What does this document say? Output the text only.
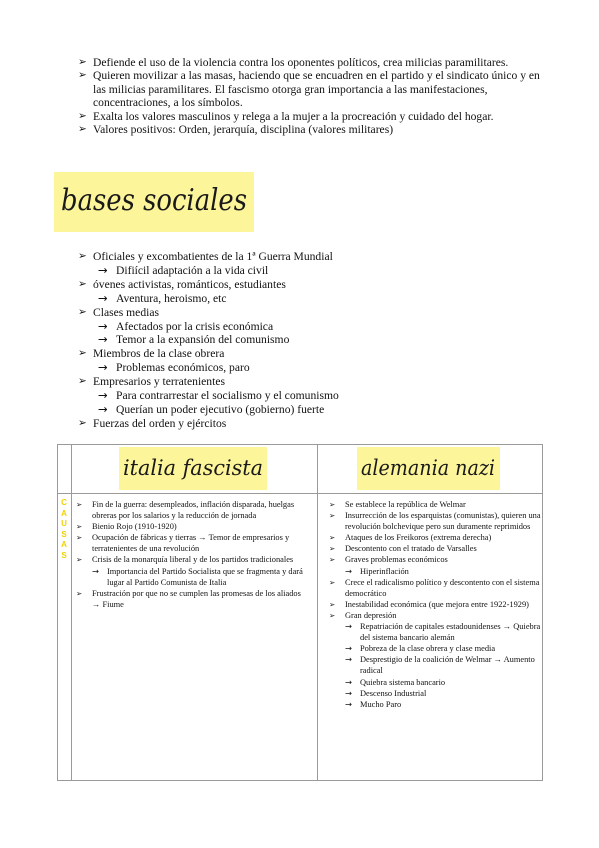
➢ Defiende el uso de la violencia contra los oponentes políticos, crea milicias paramilitares.
➢ Quieren movilizar a las masas, haciendo que se encuadren en el partido y el sindicato único y en las milicias paramilitares. El fascismo otorga gran importancia a las manifestaciones, concentraciones, a los símbolos.
➢ Exalta los valores masculinos y relega a la mujer a la procreación y cuidado del hogar.
➢ Valores positivos: Orden, jerarquía, disciplina (valores militares)
bases sociales
➢ Oficiales y excombatientes de la 1ª Guerra Mundial
→ Difiícil adaptación a la vida civil
➢ óvenes activistas, románticos, estudiantes
→ Aventura, heroismo, etc
➢ Clases medias
→ Afectados por la crisis económica
→ Temor a la expansión del comunismo
➢ Miembros de la clase obrera
→ Problemas económicos, paro
➢ Empresarios y terratenientes
→ Para contrarrestar el socialismo y el comunismo
→ Querían un poder ejecutivo (gobierno) fuerte
➢ Fuerzas del orden y ejércitos
italia fascista	alemania nazi
C
A
U
S
A
S
➢ Fin de la guerra: desempleados, inflación disparada, huelgas obreras por los salarios y la reducción de jornada
➢ Bienio Rojo (1910-1920)
➢ Ocupación de fábricas y tierras → Temor de empresarios y terratenientes de una revolución
➢ Crisis de la monarquía liberal y de los partidos tradicionales
→ Importancia del Partido Socialista que se fragmenta y dará lugar al Partido Comunista de Italia
➢ Frustración por que no se cumplen las promesas de los aliados → Fiume
➢ Se establece la república de Welmar
➢ Insurrección de los esparquistas (comunistas), quieren una revolución bolchevique pero sun duramente reprimidos
➢ Ataques de los Freikoros (extrema derecha)
➢ Descontento con el tratado de Varsalles
➢ Graves problemas económicos
→ Hiperinflación
➢ Crece el radicalismo político y descontento con el sistema democrático
➢ Inestabilidad económica (que mejora entre 1922-1929)
➢ Gran depresión
→ Repatriación de capitales estadounidenses → Quiebra del sistema bancario alemán
→ Pobreza de la clase obrera y clase media
→ Desprestigio de la coalición de Welmar → Aumento radical
→ Quiebra sistema bancario
→ Descenso Industrial
→ Mucho Paro
